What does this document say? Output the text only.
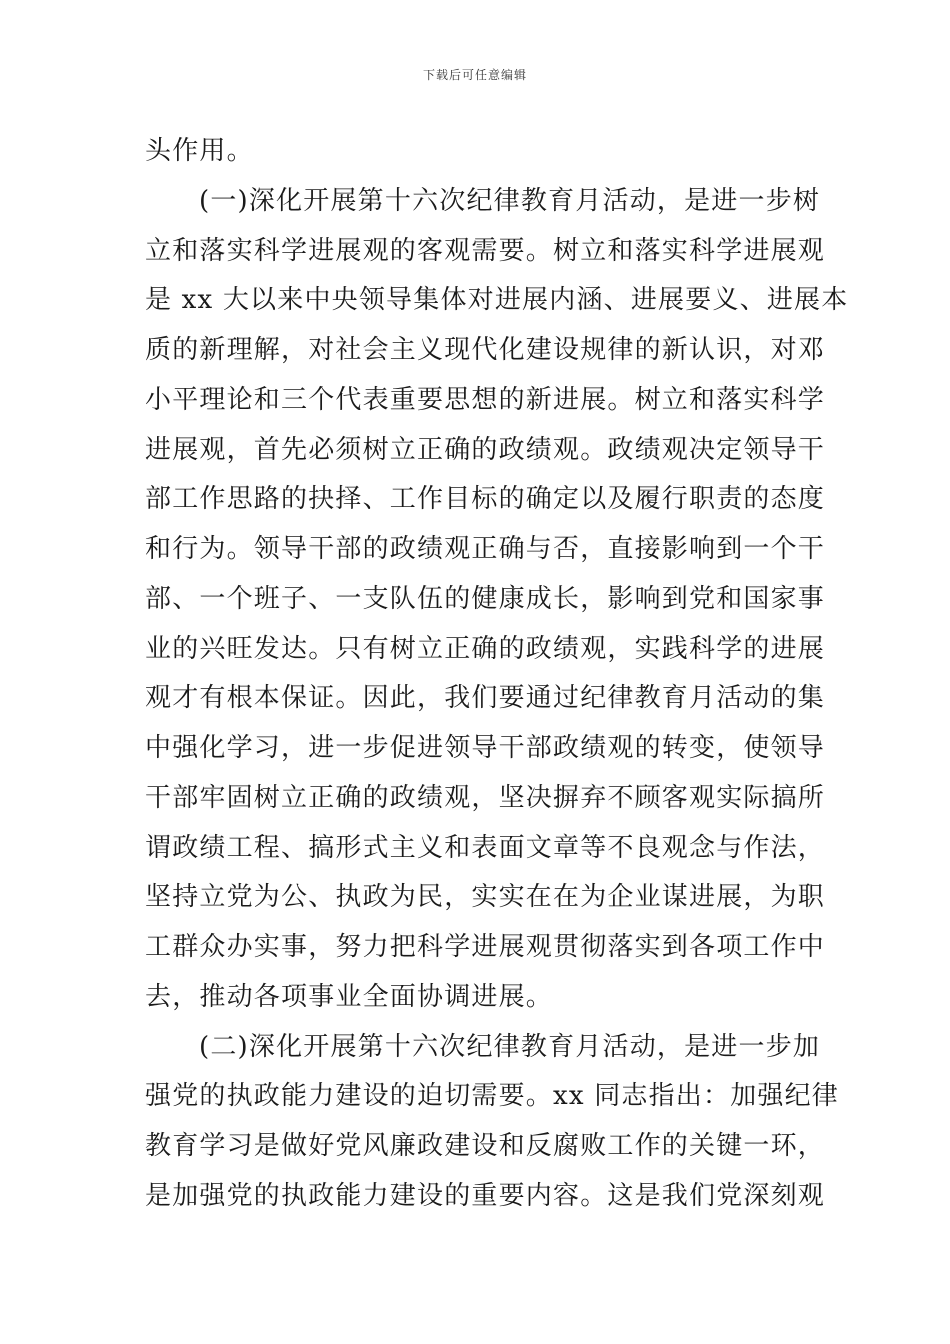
下载后可任意编辑
头作用。
(一)深化开展第十六次纪律教育月活动，是进一步树
立和落实科学进展观的客观需要。树立和落实科学进展观
是 xx 大以来中央领导集体对进展内涵、进展要义、进展本
质的新理解，对社会主义现代化建设规律的新认识，对邓
小平理论和三个代表重要思想的新进展。树立和落实科学
进展观，首先必须树立正确的政绩观。政绩观决定领导干
部工作思路的抉择、工作目标的确定以及履行职责的态度
和行为。领导干部的政绩观正确与否，直接影响到一个干
部、一个班子、一支队伍的健康成长，影响到党和国家事
业的兴旺发达。只有树立正确的政绩观，实践科学的进展
观才有根本保证。因此，我们要通过纪律教育月活动的集
中强化学习，进一步促进领导干部政绩观的转变，使领导
干部牢固树立正确的政绩观，坚决摒弃不顾客观实际搞所
谓政绩工程、搞形式主义和表面文章等不良观念与作法，
坚持立党为公、执政为民，实实在在为企业谋进展，为职
工群众办实事，努力把科学进展观贯彻落实到各项工作中
去，推动各项事业全面协调进展。
(二)深化开展第十六次纪律教育月活动，是进一步加
强党的执政能力建设的迫切需要。xx 同志指出：加强纪律
教育学习是做好党风廉政建设和反腐败工作的关键一环，
是加强党的执政能力建设的重要内容。这是我们党深刻观
